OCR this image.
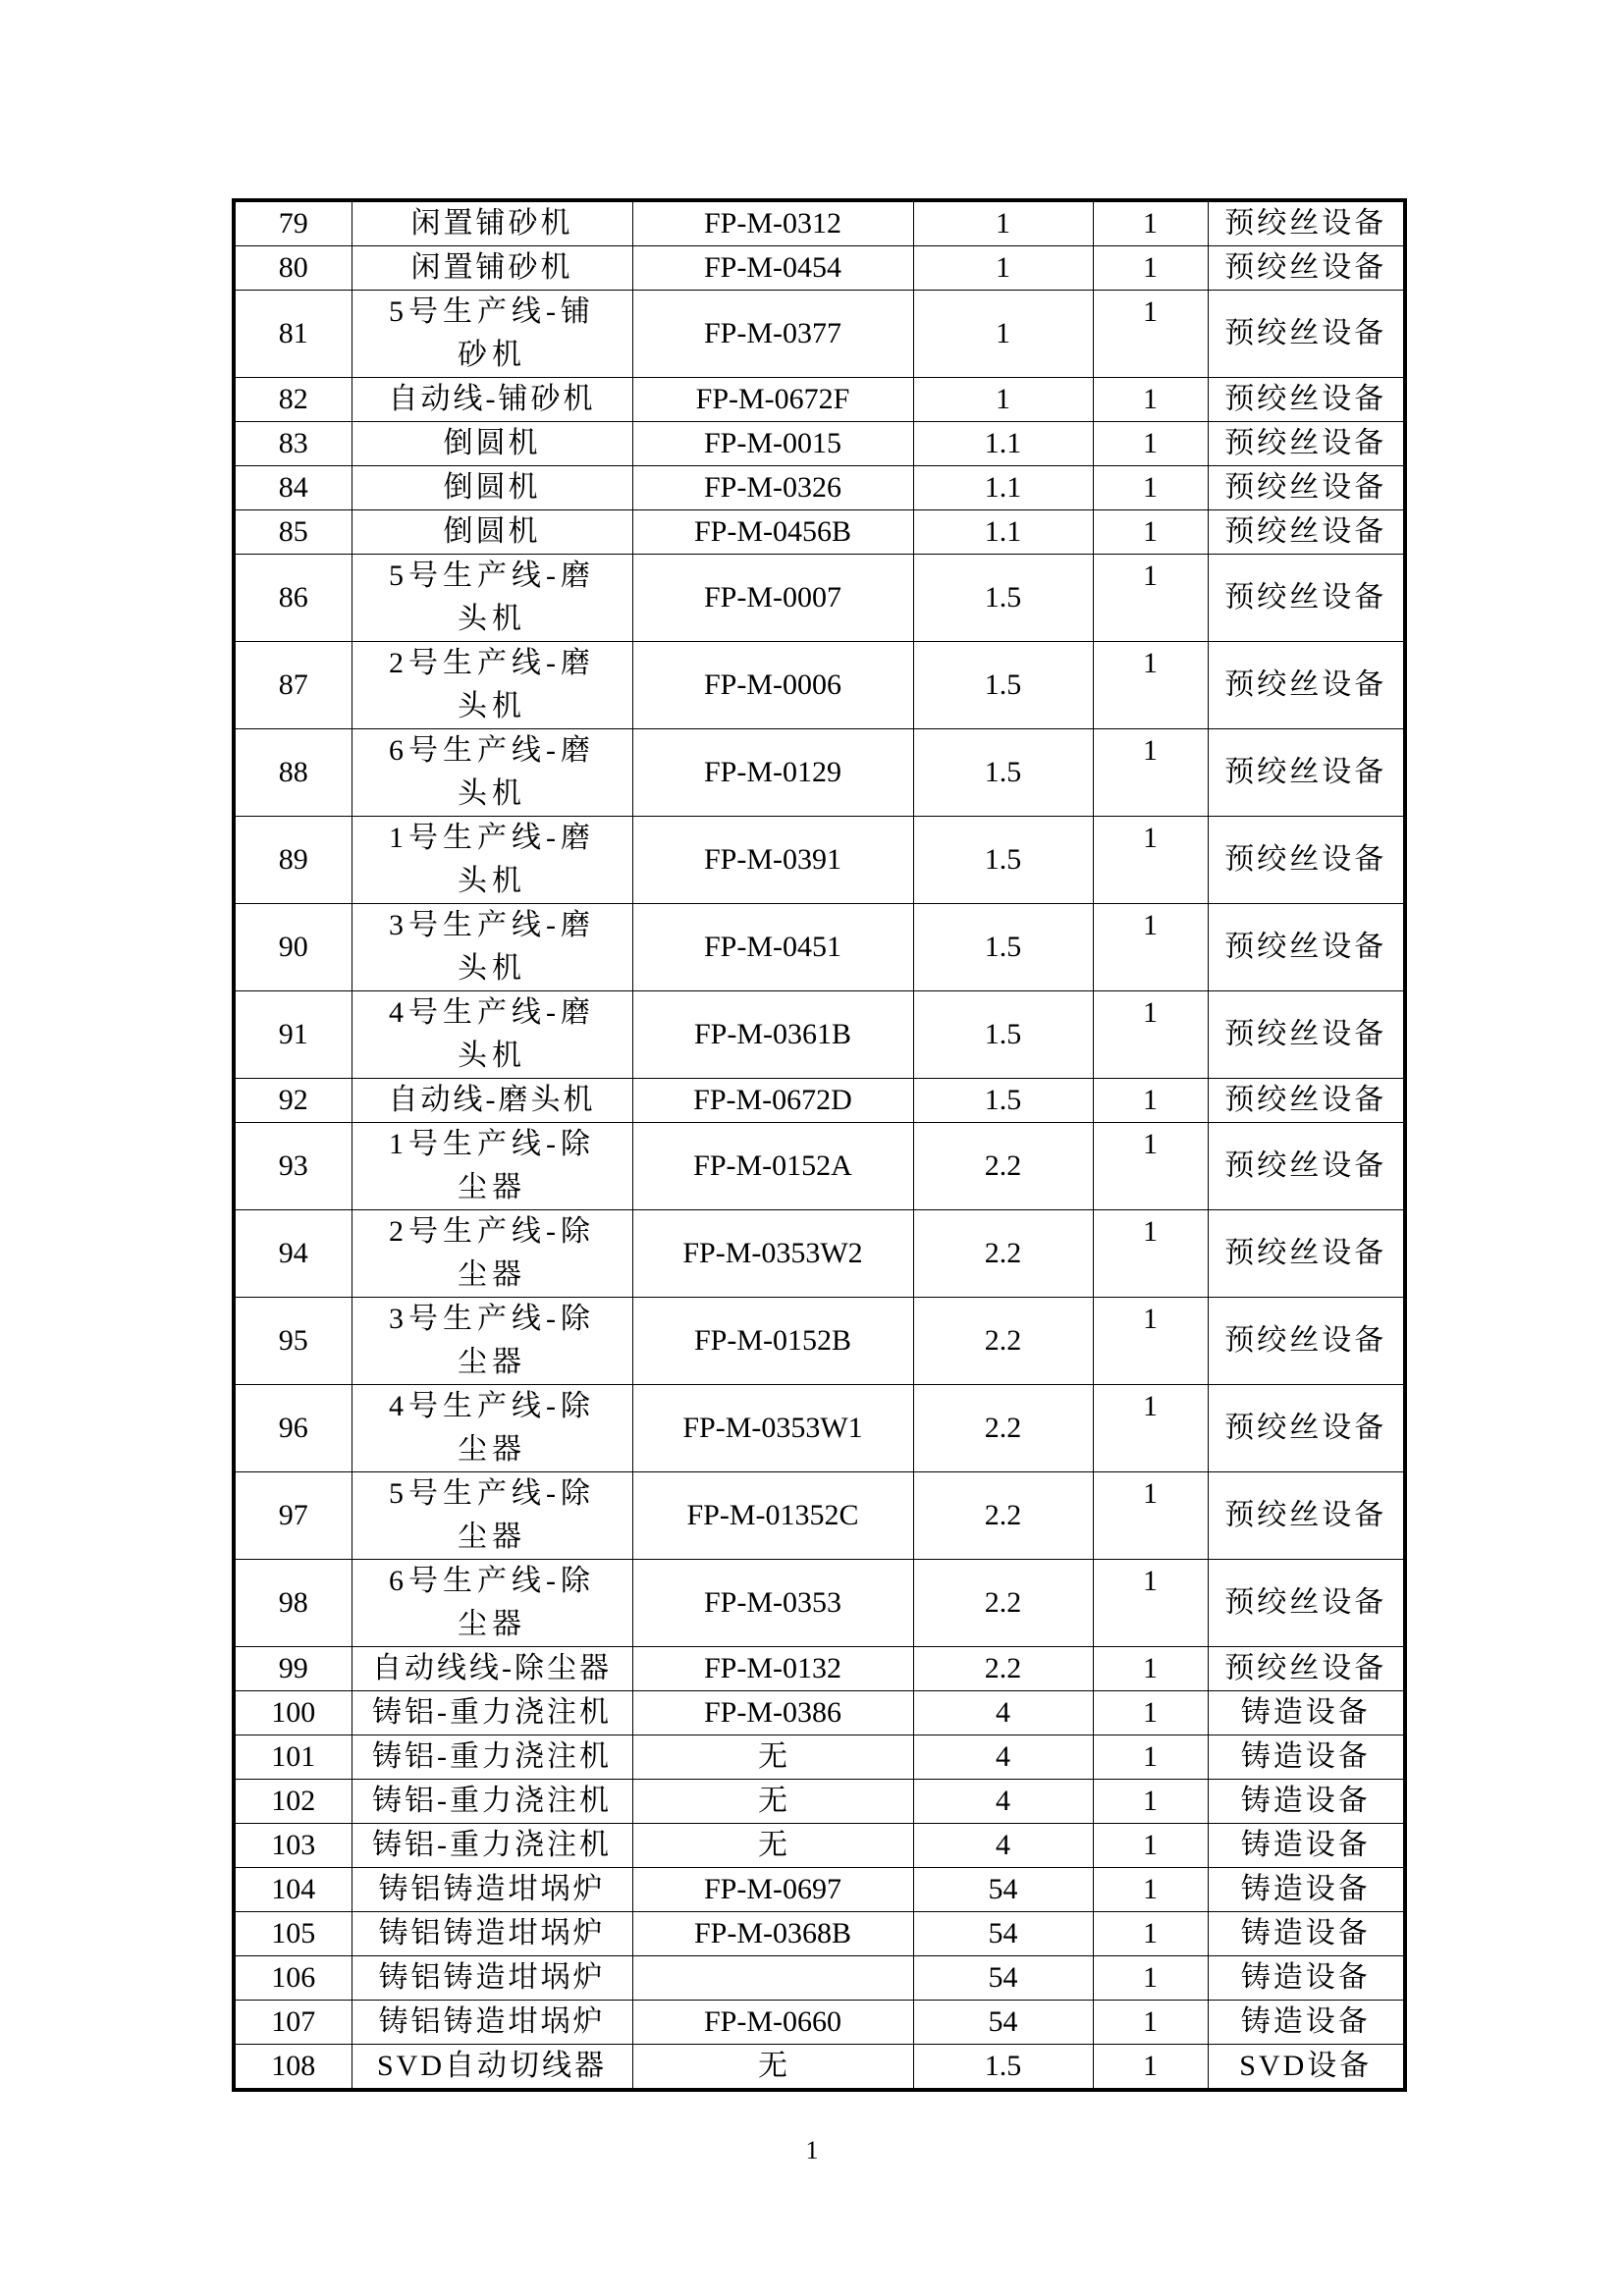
79	闲置铺砂机	FP-M-0312	1	1	预绞丝设备
80	闲置铺砂机	FP-M-0454	1	1	预绞丝设备
81	5号生产线-铺砂机	FP-M-0377	1	1	预绞丝设备
82	自动线-铺砂机	FP-M-0672F	1	1	预绞丝设备
83	倒圆机	FP-M-0015	1.1	1	预绞丝设备
84	倒圆机	FP-M-0326	1.1	1	预绞丝设备
85	倒圆机	FP-M-0456B	1.1	1	预绞丝设备
86	5号生产线-磨头机	FP-M-0007	1.5	1	预绞丝设备
87	2号生产线-磨头机	FP-M-0006	1.5	1	预绞丝设备
88	6号生产线-磨头机	FP-M-0129	1.5	1	预绞丝设备
89	1号生产线-磨头机	FP-M-0391	1.5	1	预绞丝设备
90	3号生产线-磨头机	FP-M-0451	1.5	1	预绞丝设备
91	4号生产线-磨头机	FP-M-0361B	1.5	1	预绞丝设备
92	自动线-磨头机	FP-M-0672D	1.5	1	预绞丝设备
93	1号生产线-除尘器	FP-M-0152A	2.2	1	预绞丝设备
94	2号生产线-除尘器	FP-M-0353W2	2.2	1	预绞丝设备
95	3号生产线-除尘器	FP-M-0152B	2.2	1	预绞丝设备
96	4号生产线-除尘器	FP-M-0353W1	2.2	1	预绞丝设备
97	5号生产线-除尘器	FP-M-01352C	2.2	1	预绞丝设备
98	6号生产线-除尘器	FP-M-0353	2.2	1	预绞丝设备
99	自动线线-除尘器	FP-M-0132	2.2	1	预绞丝设备
100	铸铝-重力浇注机	FP-M-0386	4	1	铸造设备
101	铸铝-重力浇注机	无	4	1	铸造设备
102	铸铝-重力浇注机	无	4	1	铸造设备
103	铸铝-重力浇注机	无	4	1	铸造设备
104	铸铝铸造坩埚炉	FP-M-0697	54	1	铸造设备
105	铸铝铸造坩埚炉	FP-M-0368B	54	1	铸造设备
106	铸铝铸造坩埚炉		54	1	铸造设备
107	铸铝铸造坩埚炉	FP-M-0660	54	1	铸造设备
108	SVD自动切线器	无	1.5	1	SVD设备
1
